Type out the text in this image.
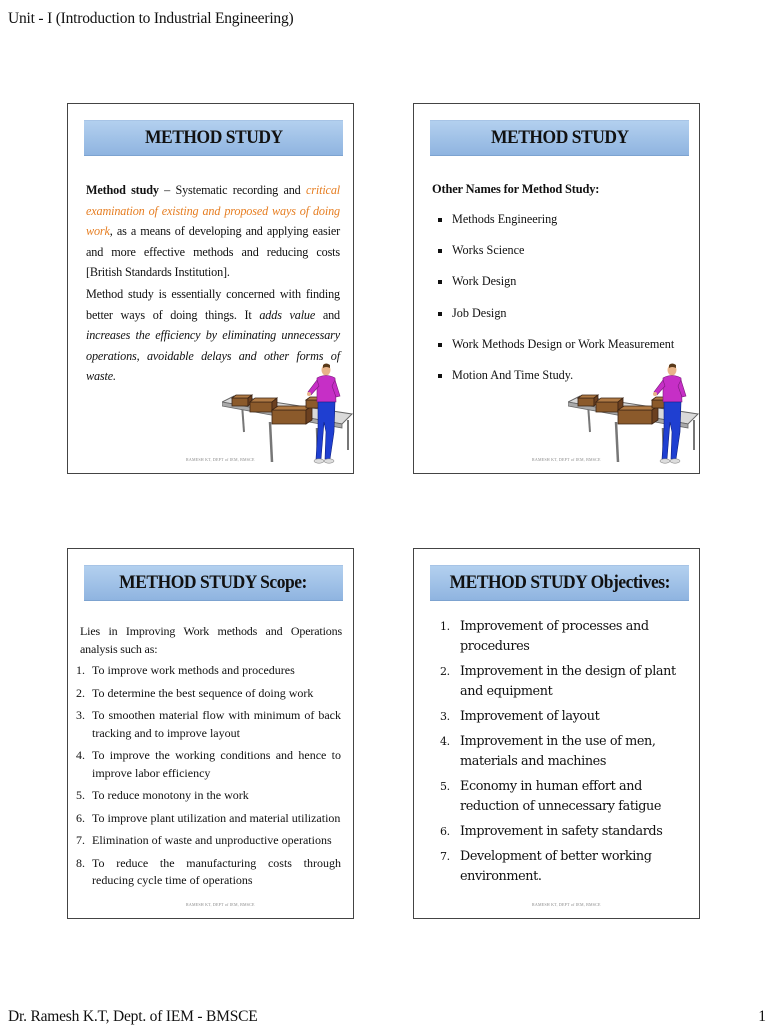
Unit - I (Introduction to Industrial Engineering)
METHOD STUDY
Method study – Systematic recording and critical examination of existing and proposed ways of doing work, as a means of developing and applying easier and more effective methods and reducing costs [British Standards Institution].
Method study is essentially concerned with finding better ways of doing things. It adds value and increases the efficiency by eliminating unnecessary operations, avoidable delays and other forms of waste.
RAMESH KT, DEPT of IEM, BMSCE
METHOD STUDY
Other Names for Method Study:
Methods Engineering
Works Science
Work Design
Job Design
Work Methods Design or Work Measurement
Motion And Time Study.
RAMESH KT, DEPT of IEM, BMSCE
METHOD STUDY Scope:
Lies in Improving Work methods and Operations analysis such as:
1. To improve work methods and procedures
2. To determine the best sequence of doing work
3. To smoothen material flow with minimum of back tracking and to improve layout
4. To improve the working conditions and hence to improve labor efficiency
5. To reduce monotony in the work
6. To improve plant utilization and material utilization
7. Elimination of waste and unproductive operations
8. To reduce the manufacturing costs through reducing cycle time of operations
RAMESH KT, DEPT of IEM, BMSCE
METHOD STUDY Objectives:
1. Improvement of processes and procedures
2. Improvement in the design of plant and equipment
3. Improvement of layout
4. Improvement in the use of men, materials and machines
5. Economy in human effort and reduction of unnecessary fatigue
6. Improvement in safety standards
7. Development of better working environment.
RAMESH KT, DEPT of IEM, BMSCE
Dr. Ramesh K.T, Dept. of IEM - BMSCE	1
